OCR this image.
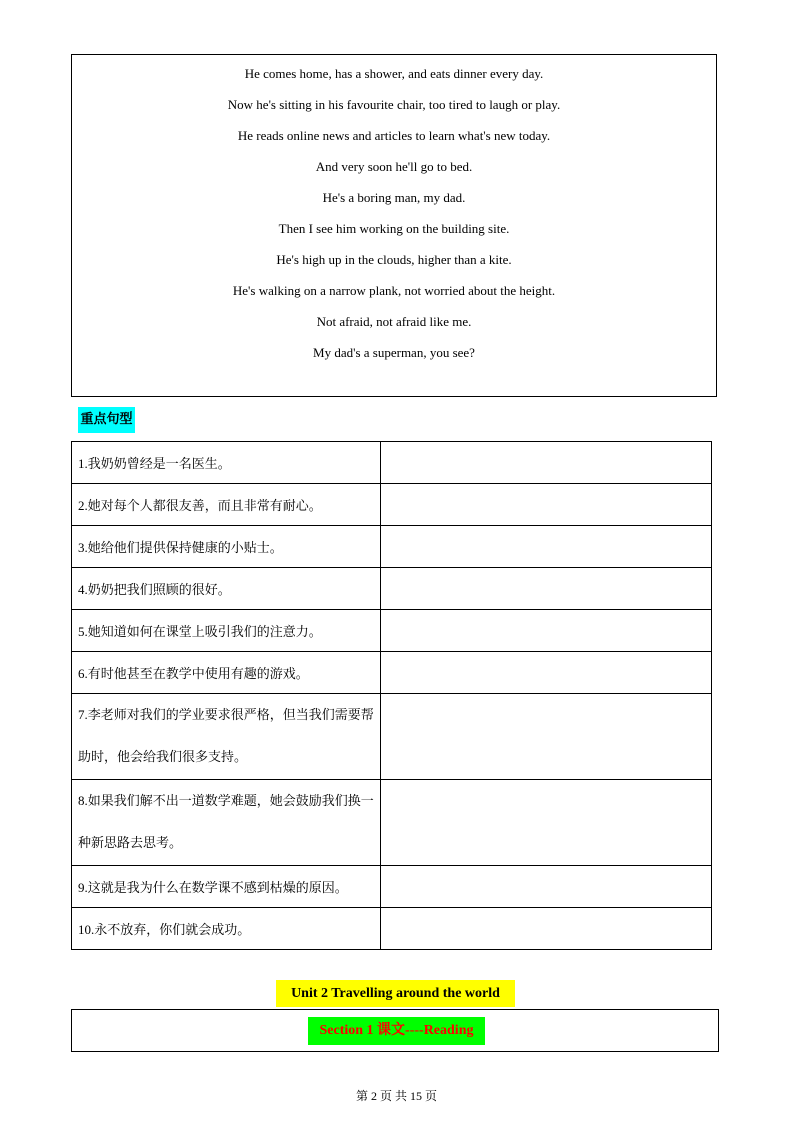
He comes home, has a shower, and eats dinner every day.
Now he's sitting in his favourite chair, too tired to laugh or play.
He reads online news and articles to learn what's new today.
And very soon he'll go to bed.
He's a boring man, my dad.
Then I see him working on the building site.
He's high up in the clouds, higher than a kite.
He's walking on a narrow plank, not worried about the height.
Not afraid, not afraid like me.
My dad's a superman, you see?
重点句型
1.我奶奶曾经是一名医生。	
2.她对每个人都很友善，而且非常有耐心。	
3.她给他们提供保持健康的小贴士。	
4.奶奶把我们照顾的很好。	
5.她知道如何在课堂上吸引我们的注意力。	
6.有时他甚至在教学中使用有趣的游戏。	
7.李老师对我们的学业要求很严格，但当我们需要帮助时，他会给我们很多支持。	
8.如果我们解不出一道数学难题，她会鼓励我们换一种新思路去思考。	
9.这就是我为什么在数学课不感到枯燥的原因。	
10.永不放弃，你们就会成功。	
Unit 2 Travelling around the world
Section 1 课文----Reading
第 2 页 共 15 页
